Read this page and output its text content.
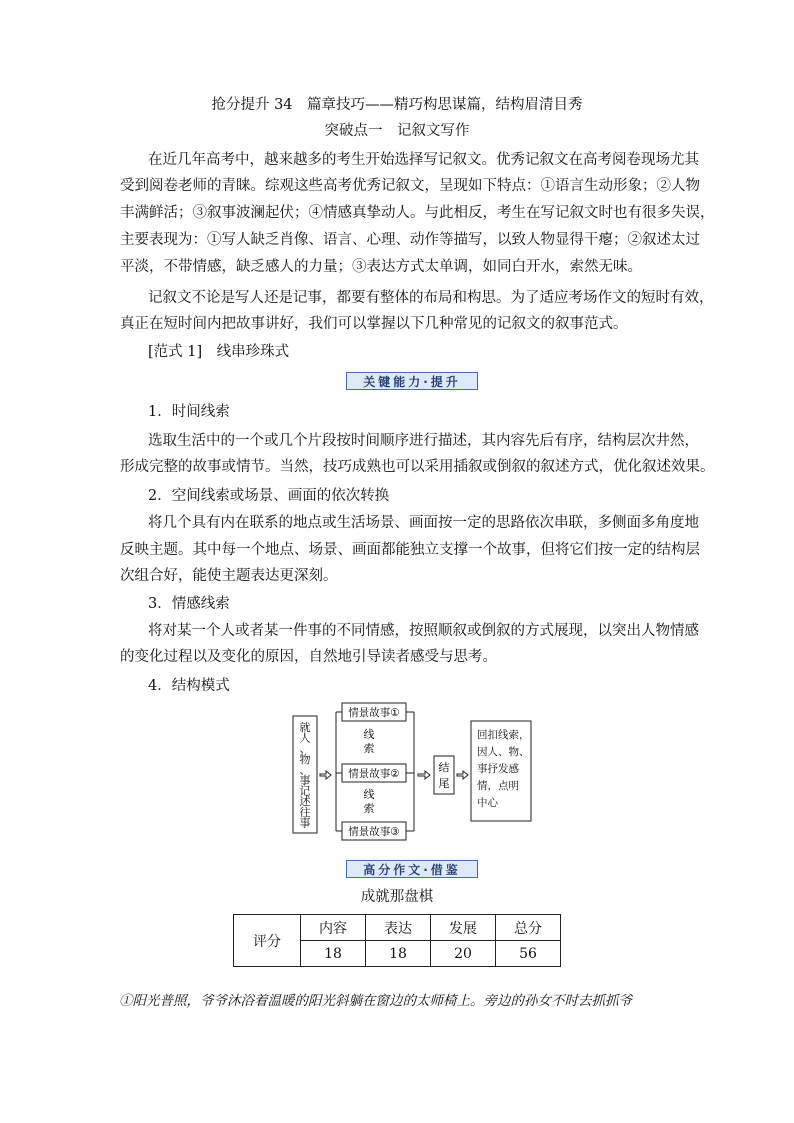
抢分提升 34　篇章技巧——精巧构思谋篇，结构眉清目秀
突破点一　记叙文写作
在近几年高考中，越来越多的考生开始选择写记叙文。优秀记叙文在高考阅卷现场尤其
受到阅卷老师的青睐。综观这些高考优秀记叙文，呈现如下特点：①语言生动形象；②人物
丰满鲜活；③叙事波澜起伏；④情感真挚动人。与此相反，考生在写记叙文时也有很多失误，
主要表现为：①写人缺乏肖像、语言、心理、动作等描写，以致人物显得干瘪；②叙述太过
平淡，不带情感，缺乏感人的力量；③表达方式太单调，如同白开水，索然无味。
记叙文不论是写人还是记事，都要有整体的布局和构思。为了适应考场作文的短时有效，
真正在短时间内把故事讲好，我们可以掌握以下几种常见的记叙文的叙事范式。
[范式 1]　线串珍珠式
关键能力·提升
1．时间线索
选取生活中的一个或几个片段按时间顺序进行描述，其内容先后有序，结构层次井然，
形成完整的故事或情节。当然，技巧成熟也可以采用插叙或倒叙的叙述方式，优化叙述效果。
2．空间线索或场景、画面的依次转换
将几个具有内在联系的地点或生活场景、画面按一定的思路依次串联，多侧面多角度地
反映主题。其中每一个地点、场景、画面都能独立支撑一个故事，但将它们按一定的结构层
次组合好，能使主题表达更深刻。
3．情感线索
将对某一个人或者某一件事的不同情感，按照顺叙或倒叙的方式展现，以突出人物情感
的变化过程以及变化的原因，自然地引导读者感受与思考。
4．结构模式
就人、物、事记述往事
情景故事①
情景故事②
情景故事③
线索
线索
结尾
回扣线索，因人、物、事抒发感情，点明中心
高分作文·借鉴
成就那盘棋
评分	内容	表达	发展	总分
	18	18	20	56
①阳光普照，爷爷沐浴着温暖的阳光斜躺在窗边的太师椅上。旁边的孙女不时去抓抓爷
